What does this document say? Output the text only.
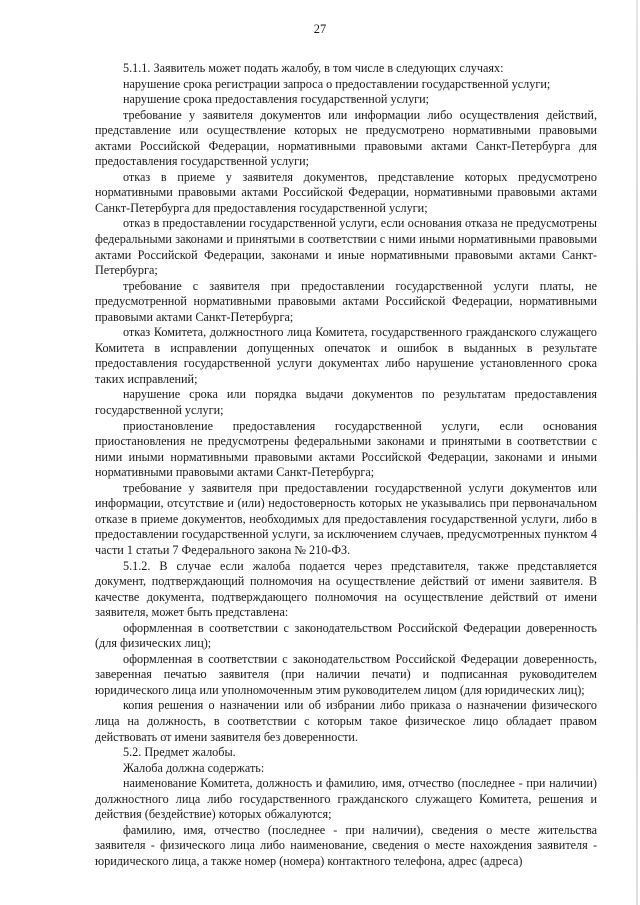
27

5.1.1. Заявитель может подать жалобу, в том числе в следующих случаях:

нарушение срока регистрации запроса о предоставлении государственной услуги;

нарушение срока предоставления государственной услуги;

требование у заявителя документов или информации либо осуществления действий, представление или осуществление которых не предусмотрено нормативными правовыми актами Российской Федерации, нормативными правовыми актами Санкт-Петербурга для предоставления государственной услуги;

отказ в приеме у заявителя документов, представление которых предусмотрено нормативными правовыми актами Российской Федерации, нормативными правовыми актами Санкт-Петербурга для предоставления государственной услуги;

отказ в предоставлении государственной услуги, если основания отказа не предусмотрены федеральными законами и принятыми в соответствии с ними иными нормативными правовыми актами Российской Федерации, законами и иные нормативными правовыми актами Санкт-Петербурга;

требование с заявителя при предоставлении государственной услуги платы, не предусмотренной нормативными правовыми актами Российской Федерации, нормативными правовыми актами Санкт-Петербурга;

отказ Комитета, должностного лица Комитета, государственного гражданского служащего Комитета в исправлении допущенных опечаток и ошибок в выданных в результате предоставления государственной услуги документах либо нарушение установленного срока таких исправлений;

нарушение срока или порядка выдачи документов по результатам предоставления государственной услуги;

приостановление предоставления государственной услуги, если основания приостановления не предусмотрены федеральными законами и принятыми в соответствии с ними иными нормативными правовыми актами Российской Федерации, законами и иными нормативными правовыми актами Санкт-Петербурга;

требование у заявителя при предоставлении государственной услуги документов или информации, отсутствие и (или) недостоверность которых не указывались при первоначальном отказе в приеме документов, необходимых для предоставления государственной услуги, либо в предоставлении государственной услуги, за исключением случаев, предусмотренных пунктом 4 части 1 статьи 7 Федерального закона № 210-ФЗ.

5.1.2. В случае если жалоба подается через представителя, также представляется документ, подтверждающий полномочия на осуществление действий от имени заявителя. В качестве документа, подтверждающего полномочия на осуществление действий от имени заявителя, может быть представлена:

оформленная в соответствии с законодательством Российской Федерации доверенность (для физических лиц);

оформленная в соответствии с законодательством Российской Федерации доверенность, заверенная печатью заявителя (при наличии печати) и подписанная руководителем юридического лица или уполномоченным этим руководителем лицом (для юридических лиц);

копия решения о назначении или об избрании либо приказа о назначении физического лица на должность, в соответствии с которым такое физическое лицо обладает правом действовать от имени заявителя без доверенности.

5.2. Предмет жалобы.

Жалоба должна содержать:

наименование Комитета, должность и фамилию, имя, отчество (последнее - при наличии) должностного лица либо государственного гражданского служащего Комитета, решения и действия (бездействие) которых обжалуются;

фамилию, имя, отчество (последнее - при наличии), сведения о месте жительства заявителя - физического лица либо наименование, сведения о месте нахождения заявителя - юридического лица, а также номер (номера) контактного телефона, адрес (адреса)
